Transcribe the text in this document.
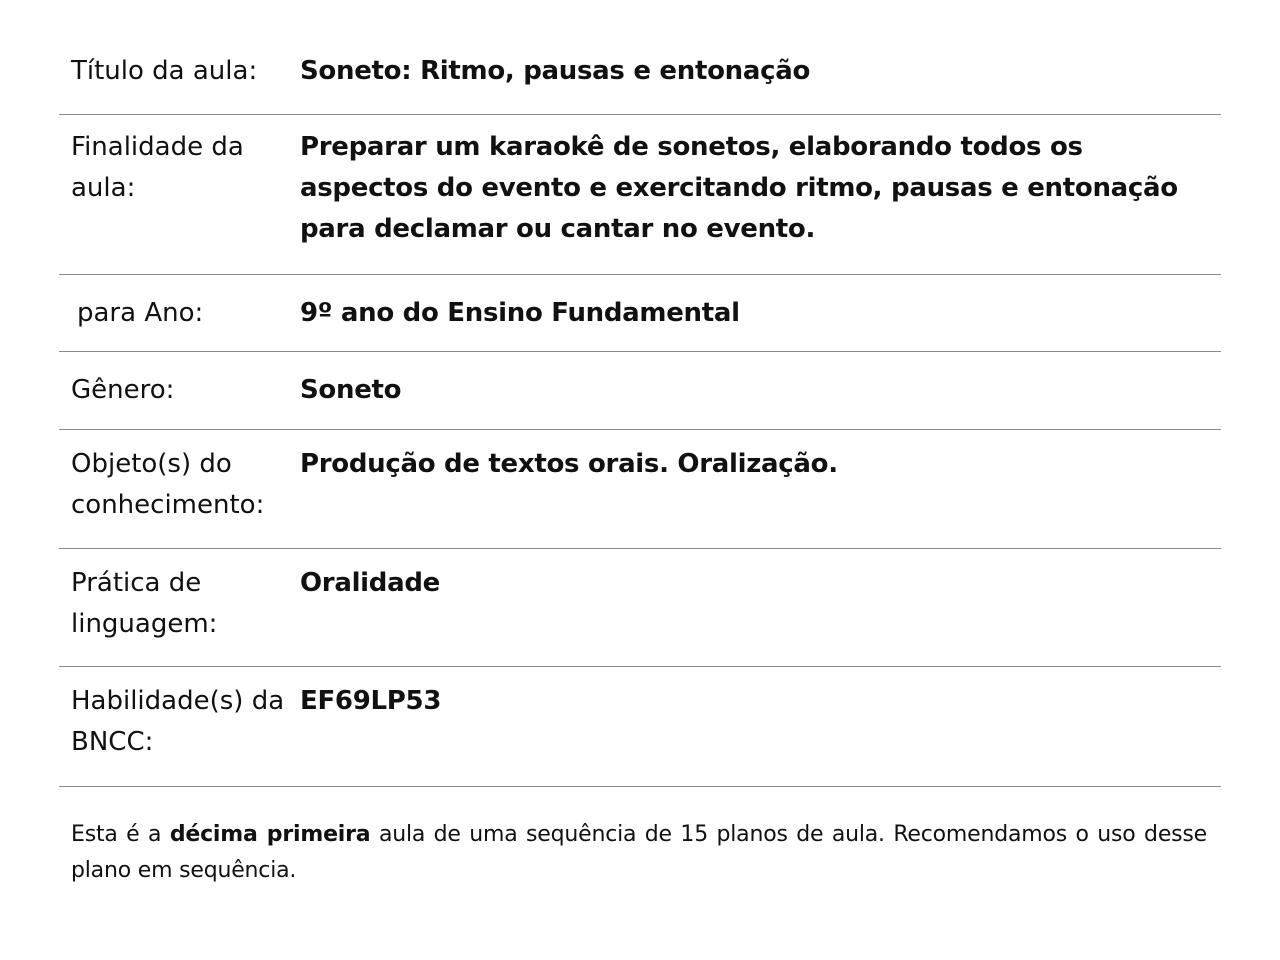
Título da aula:	Soneto: Ritmo, pausas e entonação
Finalidade da aula:
Preparar um karaokê de sonetos, elaborando todos os aspectos do evento e exercitando ritmo, pausas e entonação para declamar ou cantar no evento.
para Ano:	9º ano do Ensino Fundamental
Gênero:	Soneto
Objeto(s) do conhecimento:
Produção de textos orais. Oralização.
Prática de linguagem:
Oralidade
Habilidade(s) da BNCC:
EF69LP53

Esta é a décima primeira aula de uma sequência de 15 planos de aula. Recomendamos o uso desse plano em sequência.
